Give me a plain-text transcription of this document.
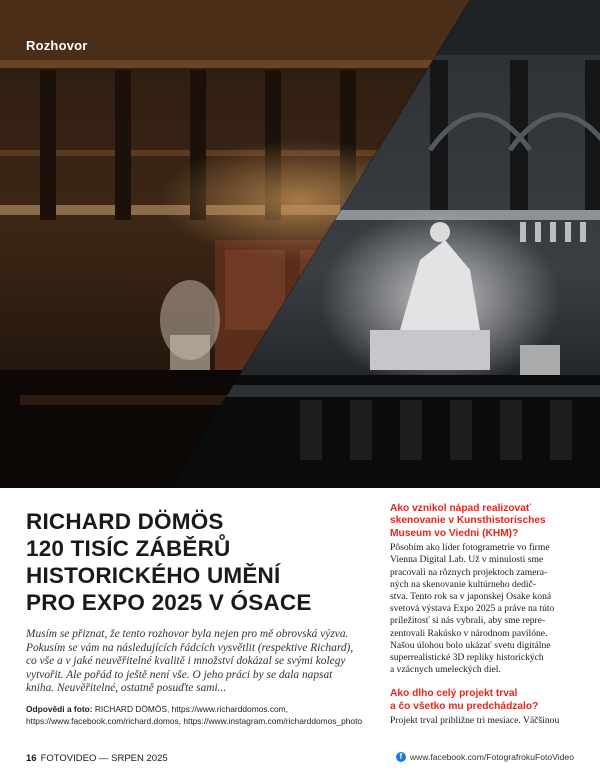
Rozhovor
RICHARD DÖMÖS
120 TISÍC ZÁBĚRŮ
HISTORICKÉHO UMĚNÍ
PRO EXPO 2025 V ÓSACE

Musím se přiznat, že tento rozhovor byla nejen pro mě obrovská výzva.
Pokusím se vám na následujících řádcích vysvětlit (respektive Richard),
co vše a v jaké neuvěřitelné kvalitě i množství dokázal se svými kolegy
vytvořit. Ale pořád to ještě není vše. O jeho práci by se dala napsat
kniha. Neuvěřitelné, ostatně posuďte sami...

Odpovědi a foto: RICHARD DÖMÖS, https://www.richarddomos.com,
https://www.facebook.com/richard.domos, https://www.instagram.com/richarddomos_photo

Ako vznikol nápad realizovať
skenovanie v Kunsthistorisches
Museum vo Viedni (KHM)?

Pôsobím ako líder fotogrametrie vo firme
Vienna Digital Lab. Už v minulosti sme
pracovali na rôznych projektoch zamera-
ných na skenovanie kultúrneho dedič-
stva. Tento rok sa v japonskej Osake koná
svetová výstava Expo 2025 a práve na túto
príležitosť si nás vybrali, aby sme repre-
zentovali Rakúsko v národnom pavilóne.
Našou úlohou bolo ukázať svetu digitálne
superrealistické 3D repliky historických
a vzácnych umeleckých diel.

Ako dlho celý projekt trval
a čo všetko mu predchádzalo?

Projekt trval približne tri mesiace. Väčšinou

16 FOTOVIDEO — SRPEN 2025	f www.facebook.com/FotografrokuFotoVideo
